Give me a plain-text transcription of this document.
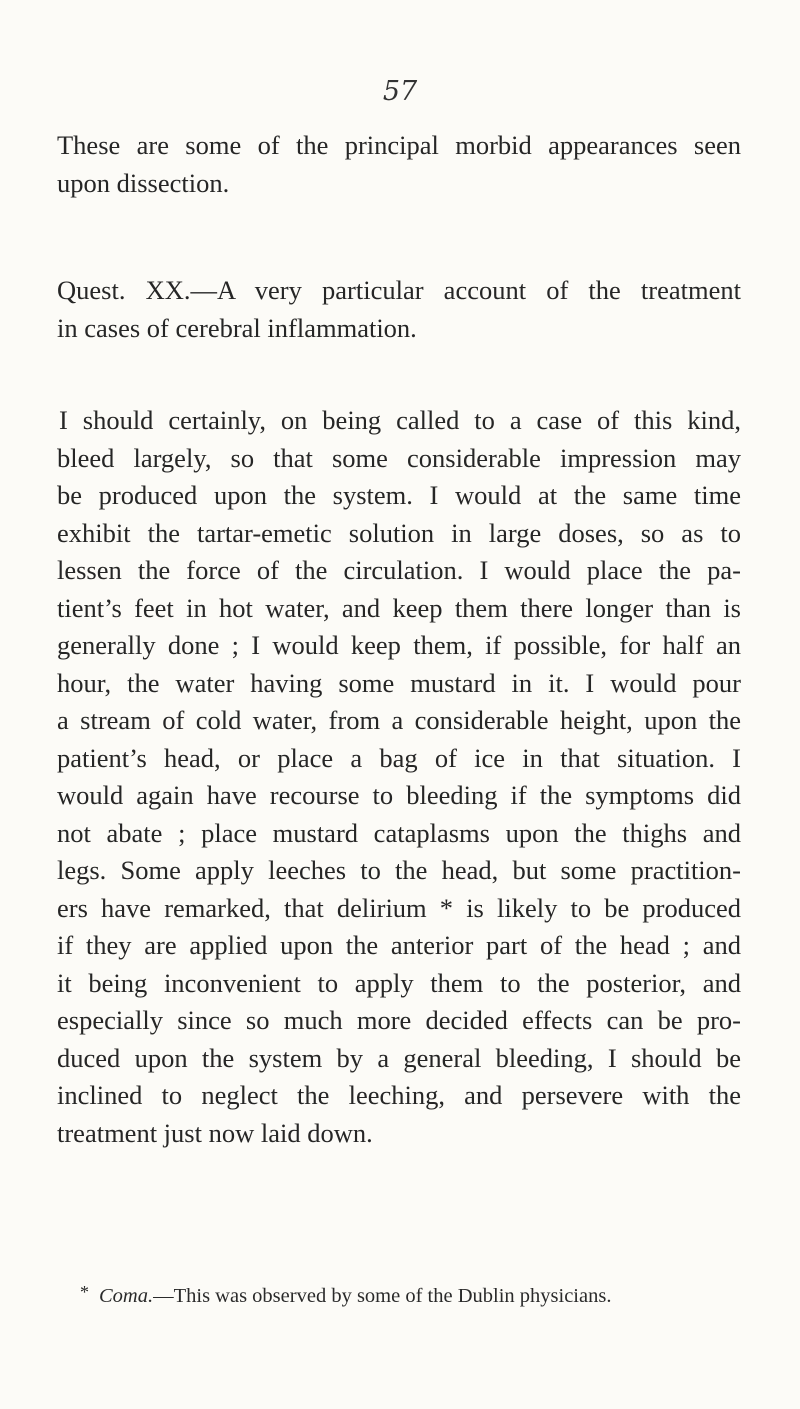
57
These are some of the principal morbid appearances seen
upon dissection.
Quest. XX.—A very particular account of the treatment
in cases of cerebral inflammation.
I should certainly, on being called to a case of this kind,
bleed largely, so that some considerable impression may
be produced upon the system. I would at the same time
exhibit the tartar-emetic solution in large doses, so as to
lessen the force of the circulation. I would place the pa-
tient’s feet in hot water, and keep them there longer than is
generally done ; I would keep them, if possible, for half an
hour, the water having some mustard in it. I would pour
a stream of cold water, from a considerable height, upon the
patient’s head, or place a bag of ice in that situation. I
would again have recourse to bleeding if the symptoms did
not abate ; place mustard cataplasms upon the thighs and
legs. Some apply leeches to the head, but some practition-
ers have remarked, that delirium * is likely to be produced
if they are applied upon the anterior part of the head ; and
it being inconvenient to apply them to the posterior, and
especially since so much more decided effects can be pro-
duced upon the system by a general bleeding, I should be
inclined to neglect the leeching, and persevere with the
treatment just now laid down.
* Coma.—This was observed by some of the Dublin physicians.
